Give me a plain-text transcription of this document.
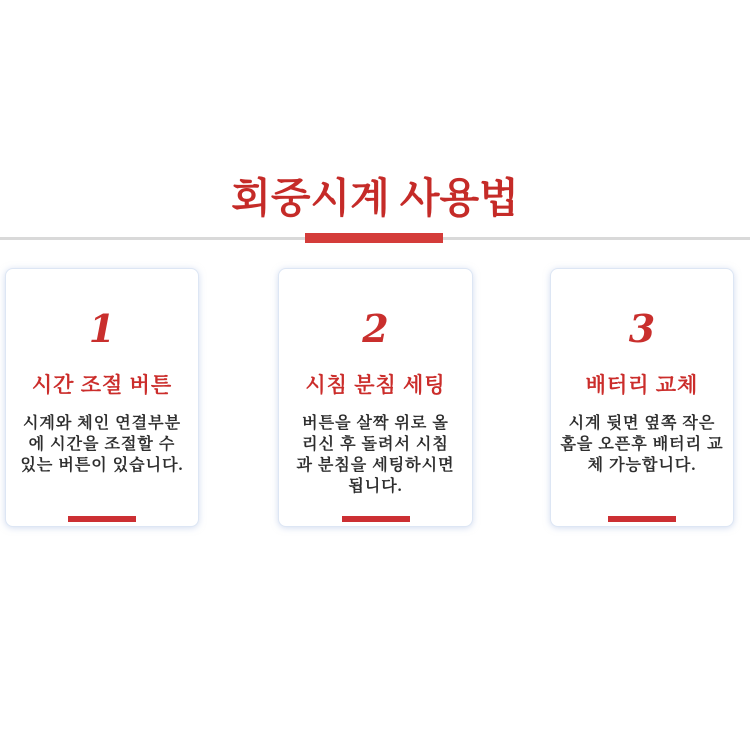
회중시계 사용법
1
시간 조절 버튼
시계와 체인 연결부분
에 시간을 조절할 수
있는 버튼이 있습니다.
2
시침 분침 세팅
버튼을 살짝 위로 올
리신 후 돌려서 시침
과 분침을 세팅하시면
됩니다.
3
배터리 교체
시계 뒷면 옆쪽 작은
홈을 오픈후 배터리 교
체 가능합니다.
